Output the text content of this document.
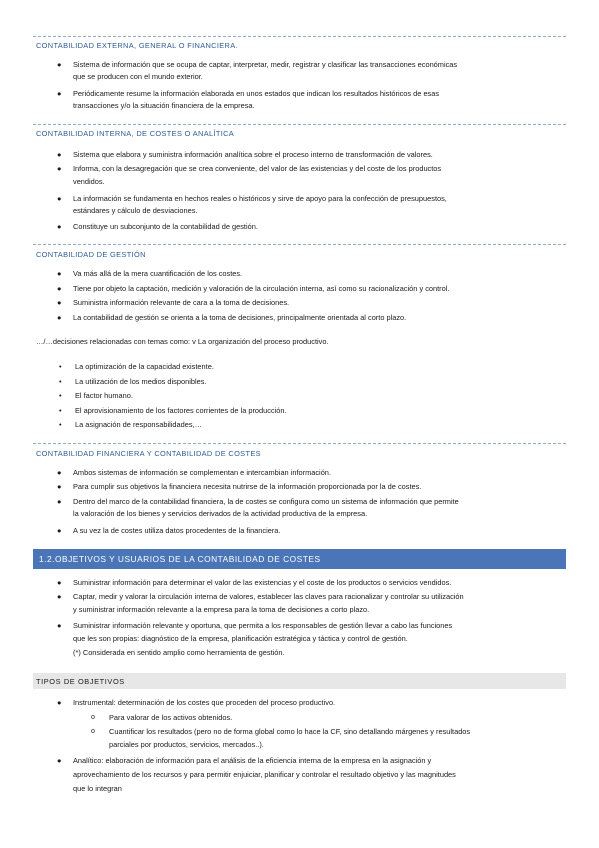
CONTABILIDAD EXTERNA, GENERAL O FINANCIERA.
● Sistema de información que se ocupa de captar, interpretar, medir, registrar y clasificar las transacciones económicas
que se producen con el mundo exterior.
● Periódicamente resume la información elaborada en unos estados que indican los resultados históricos de esas
transacciones y/o la situación financiera de la empresa.
CONTABILIDAD INTERNA, DE COSTES O ANALÍTICA
● Sistema que elabora y suministra información analítica sobre el proceso interno de transformación de valores.
● Informa, con la desagregación que se crea conveniente, del valor de las existencias y del coste de los productos
vendidos.
● La información se fundamenta en hechos reales o históricos y sirve de apoyo para la confección de presupuestos,
estándares y cálculo de desviaciones.
● Constituye un subconjunto de la contabilidad de gestión.
CONTABILIDAD DE GESTIÓN
● Va más allá de la mera cuantificación de los costes.
● Tiene por objeto la captación, medición y valoración de la circulación interna, así como su racionalización y control.
● Suministra información relevante de cara a la toma de decisiones.
● La contabilidad de gestión se orienta a la toma de decisiones, principalmente orientada al corto plazo.
…/…decisiones relacionadas con temas como: v La organización del proceso productivo.
• La optimización de la capacidad existente.
• La utilización de los medios disponibles.
• El factor humano.
• El aprovisionamiento de los factores corrientes de la producción.
• La asignación de responsabilidades,…
CONTABILIDAD FINANCIERA Y CONTABILIDAD DE COSTES
● Ambos sistemas de información se complementan e intercambian información.
● Para cumplir sus objetivos la financiera necesita nutrirse de la información proporcionada por la de costes.
● Dentro del marco de la contabilidad financiera, la de costes se configura como un sistema de información que permite
la valoración de los bienes y servicios derivados de la actividad productiva de la empresa.
● A su vez la de costes utiliza datos procedentes de la financiera.
1.2.OBJETIVOS Y USUARIOS DE LA CONTABILIDAD DE COSTES
● Suministrar información para determinar el valor de las existencias y el coste de los productos o servicios vendidos.
● Captar, medir y valorar la circulación interna de valores, establecer las claves para racionalizar y controlar su utilización
y suministrar información relevante a la empresa para la toma de decisiones a corto plazo.
● Suministrar información relevante y oportuna, que permita a los responsables de gestión llevar a cabo las funciones
que les son propias: diagnóstico de la empresa, planificación estratégica y táctica y control de gestión.
(*) Considerada en sentido amplio como herramienta de gestión.
TIPOS DE OBJETIVOS
● Instrumental: determinación de los costes que proceden del proceso productivo.
o Para valorar de los activos obtenidos.
o Cuantificar los resultados (pero no de forma global como lo hace la CF, sino detallando márgenes y resultados
parciales por productos, servicios, mercados..).
● Analítico: elaboración de información para el análisis de la eficiencia interna de la empresa en la asignación y
aprovechamiento de los recursos y para permitir enjuiciar, planificar y controlar el resultado objetivo y las magnitudes
que lo integran
